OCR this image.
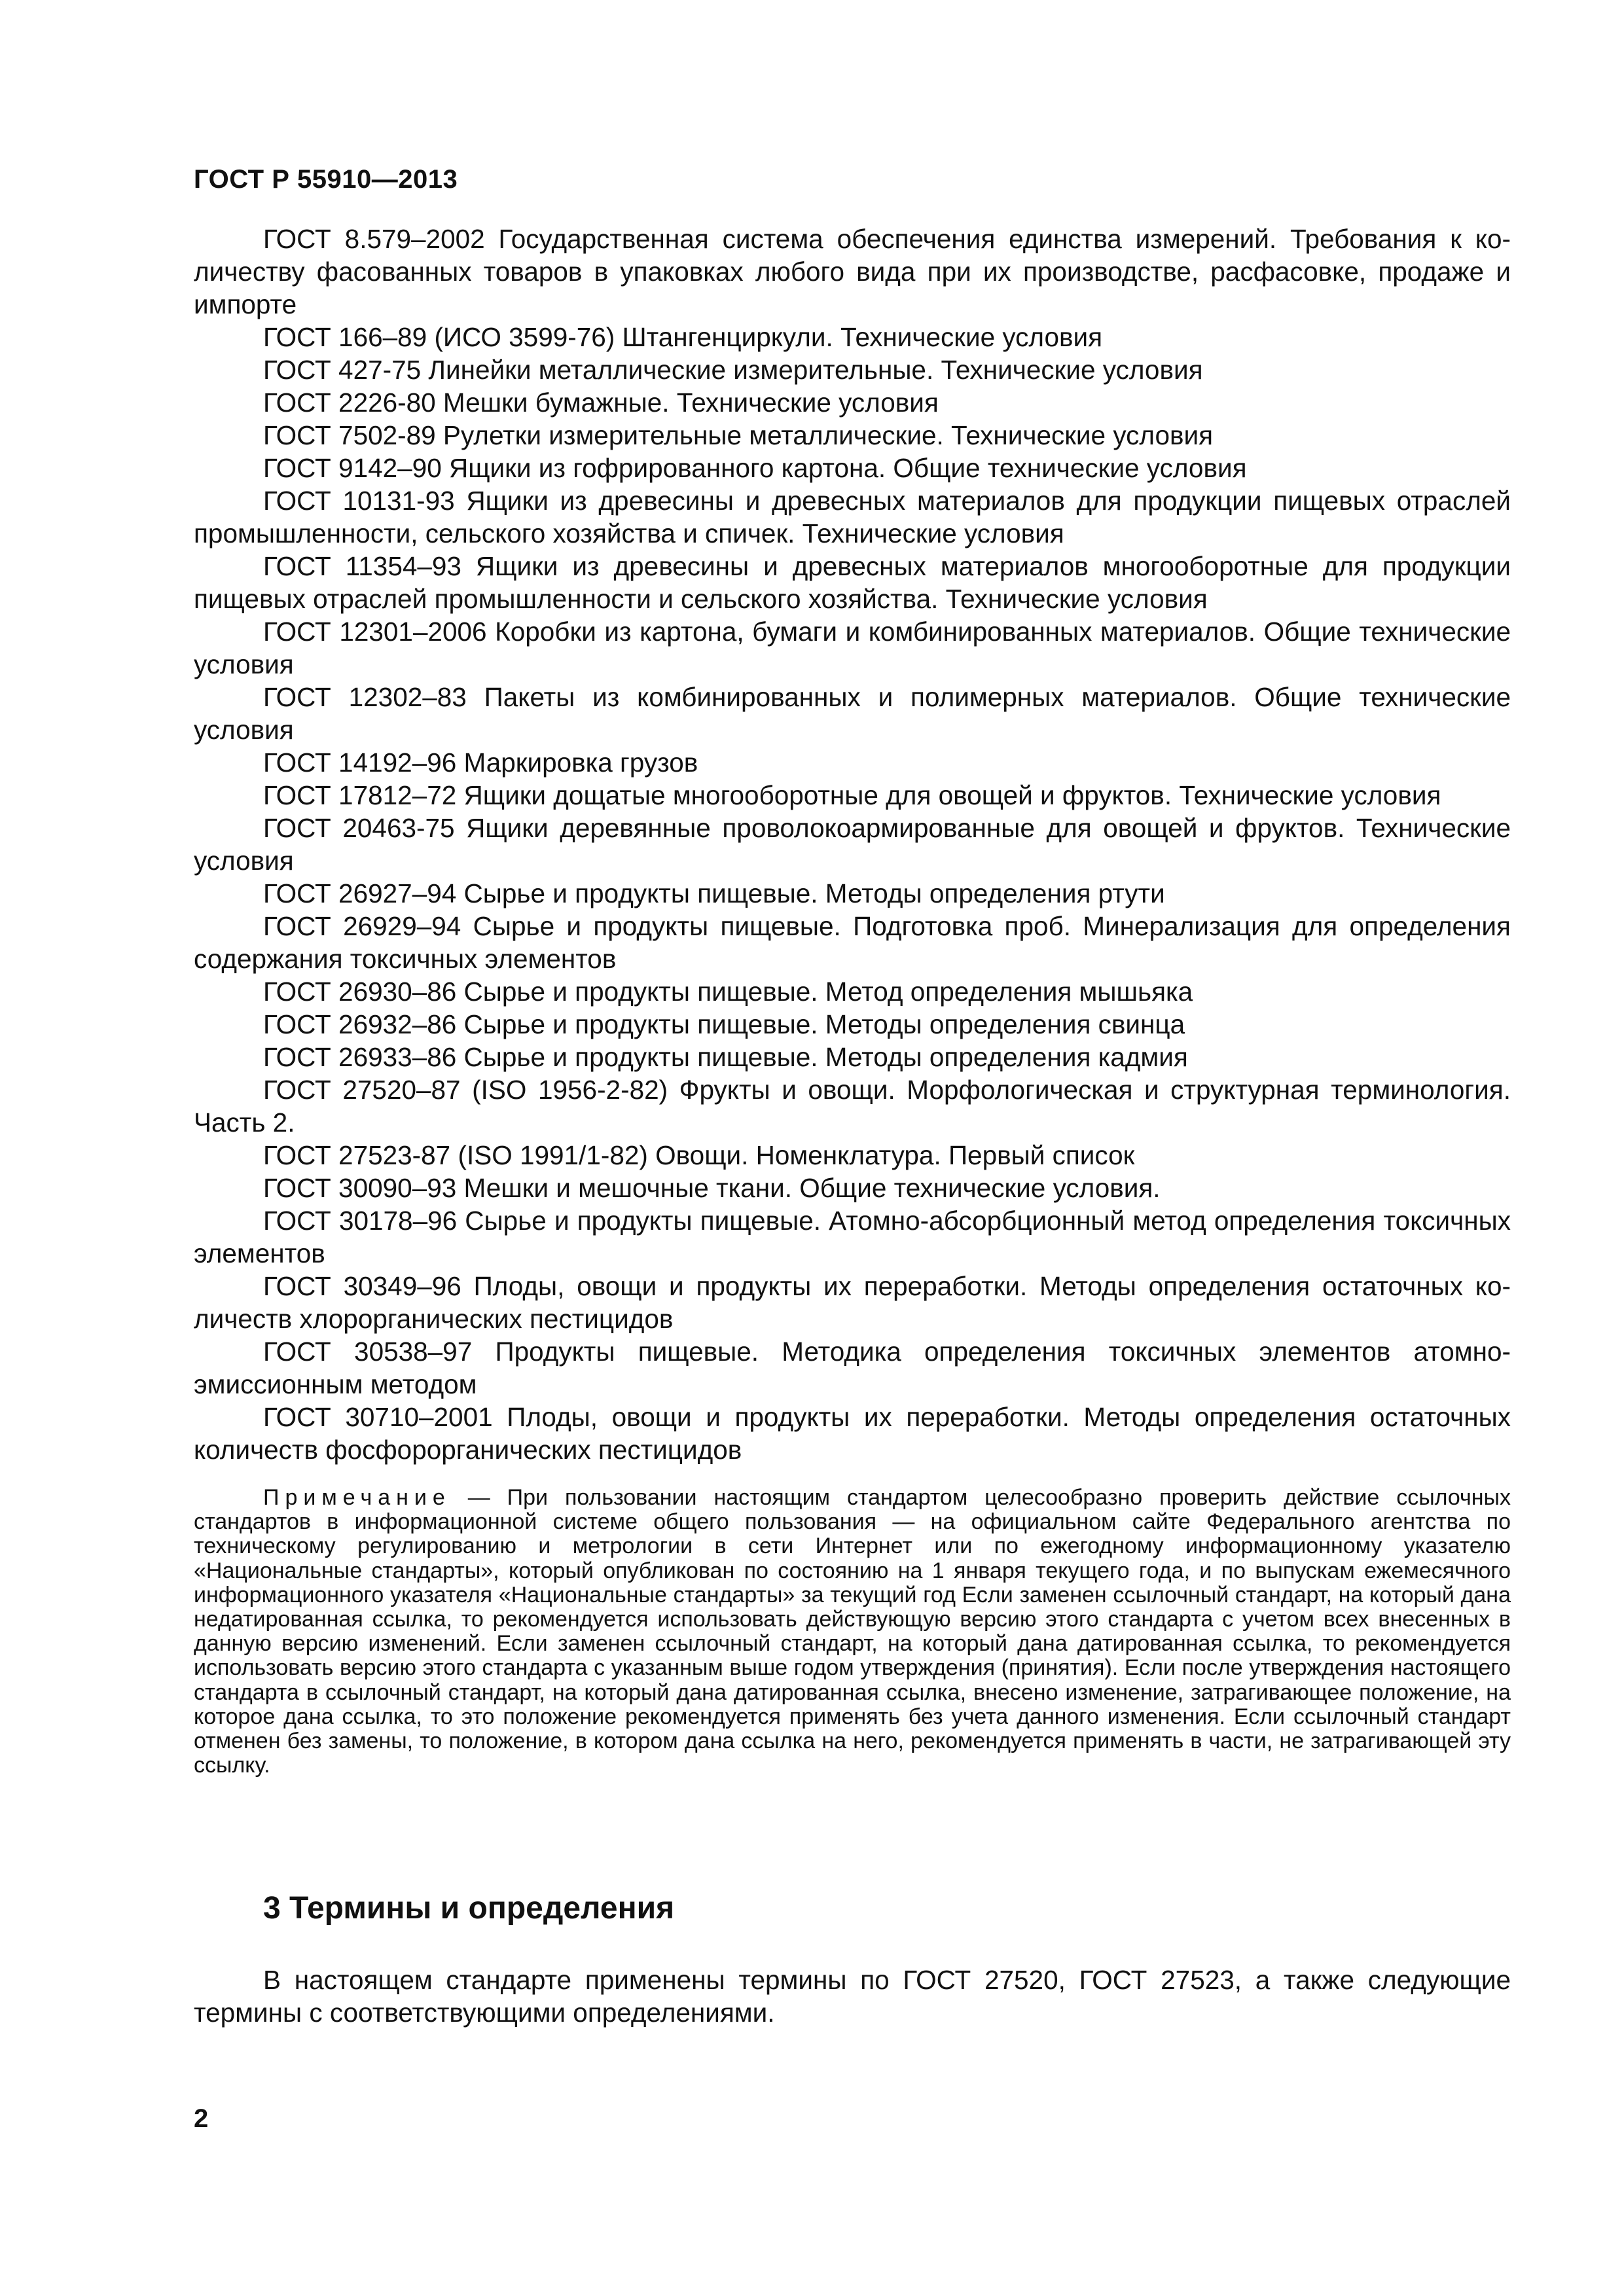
ГОСТ Р 55910—2013
ГОСТ 8.579–2002 Государственная система обеспечения единства измерений. Требования к количеству фасованных товаров в упаковках любого вида при их производстве, расфасовке, продаже и импорте
ГОСТ 166–89 (ИСО 3599-76) Штангенциркули. Технические условия
ГОСТ 427-75 Линейки металлические измерительные. Технические условия
ГОСТ 2226-80 Мешки бумажные. Технические условия
ГОСТ 7502-89 Рулетки измерительные металлические. Технические условия
ГОСТ 9142–90 Ящики из гофрированного картона. Общие технические условия
ГОСТ 10131-93 Ящики из древесины и древесных материалов для продукции пищевых отраслей промышленности, сельского хозяйства и спичек. Технические условия
ГОСТ 11354–93 Ящики из древесины и древесных материалов многооборотные для продукции пищевых отраслей промышленности и сельского хозяйства. Технические условия
ГОСТ 12301–2006 Коробки из картона, бумаги и комбинированных материалов. Общие технические условия
ГОСТ 12302–83 Пакеты из комбинированных и полимерных материалов. Общие технические условия
ГОСТ 14192–96 Маркировка грузов
ГОСТ 17812–72 Ящики дощатые многооборотные для овощей и фруктов. Технические условия
ГОСТ 20463-75 Ящики деревянные проволокоармированные для овощей и фруктов. Технические условия
ГОСТ 26927–94 Сырье и продукты пищевые. Методы определения ртути
ГОСТ 26929–94 Сырье и продукты пищевые. Подготовка проб. Минерализация для определения содержания токсичных элементов
ГОСТ 26930–86 Сырье и продукты пищевые. Метод определения мышьяка
ГОСТ 26932–86 Сырье и продукты пищевые. Методы определения свинца
ГОСТ 26933–86 Сырье и продукты пищевые. Методы определения кадмия
ГОСТ 27520–87 (ISO 1956-2-82) Фрукты и овощи. Морфологическая и структурная терминология. Часть 2.
ГОСТ 27523-87 (ISO 1991/1-82) Овощи. Номенклатура. Первый список
ГОСТ 30090–93 Мешки и мешочные ткани. Общие технические условия.
ГОСТ 30178–96 Сырье и продукты пищевые. Атомно-абсорбционный метод определения токсичных элементов
ГОСТ 30349–96 Плоды, овощи и продукты их переработки. Методы определения остаточных количеств хлорорганических пестицидов
ГОСТ 30538–97 Продукты пищевые. Методика определения токсичных элементов атомно-эмиссионным методом
ГОСТ 30710–2001 Плоды, овощи и продукты их переработки. Методы определения остаточных количеств фосфорорганических пестицидов

Примечание — При пользовании настоящим стандартом целесообразно проверить действие ссылочных стандартов в информационной системе общего пользования — на официальном сайте Федерального агентства по техническому регулированию и метрологии в сети Интернет или по ежегодному информационному указателю «Национальные стандарты», который опубликован по состоянию на 1 января текущего года, и по выпускам ежемесячного информационного указателя «Национальные стандарты» за текущий год Если заменен ссылочный стандарт, на который дана недатированная ссылка, то рекомендуется использовать действующую версию этого стандарта с учетом всех внесенных в данную версию изменений. Если заменен ссылочный стандарт, на который дана датированная ссылка, то рекомендуется использовать версию этого стандарта с указанным выше годом утверждения (принятия). Если после утверждения настоящего стандарта в ссылочный стандарт, на который дана датированная ссылка, внесено изменение, затрагивающее положение, на которое дана ссылка, то это положение рекомендуется применять без учета данного изменения. Если ссылочный стандарт отменен без замены, то положение, в котором дана ссылка на него, рекомендуется применять в части, не затрагивающей эту ссылку.

3 Термины и определения

В настоящем стандарте применены термины по ГОСТ 27520, ГОСТ 27523, а также следующие термины с соответствующими определениями.

2
